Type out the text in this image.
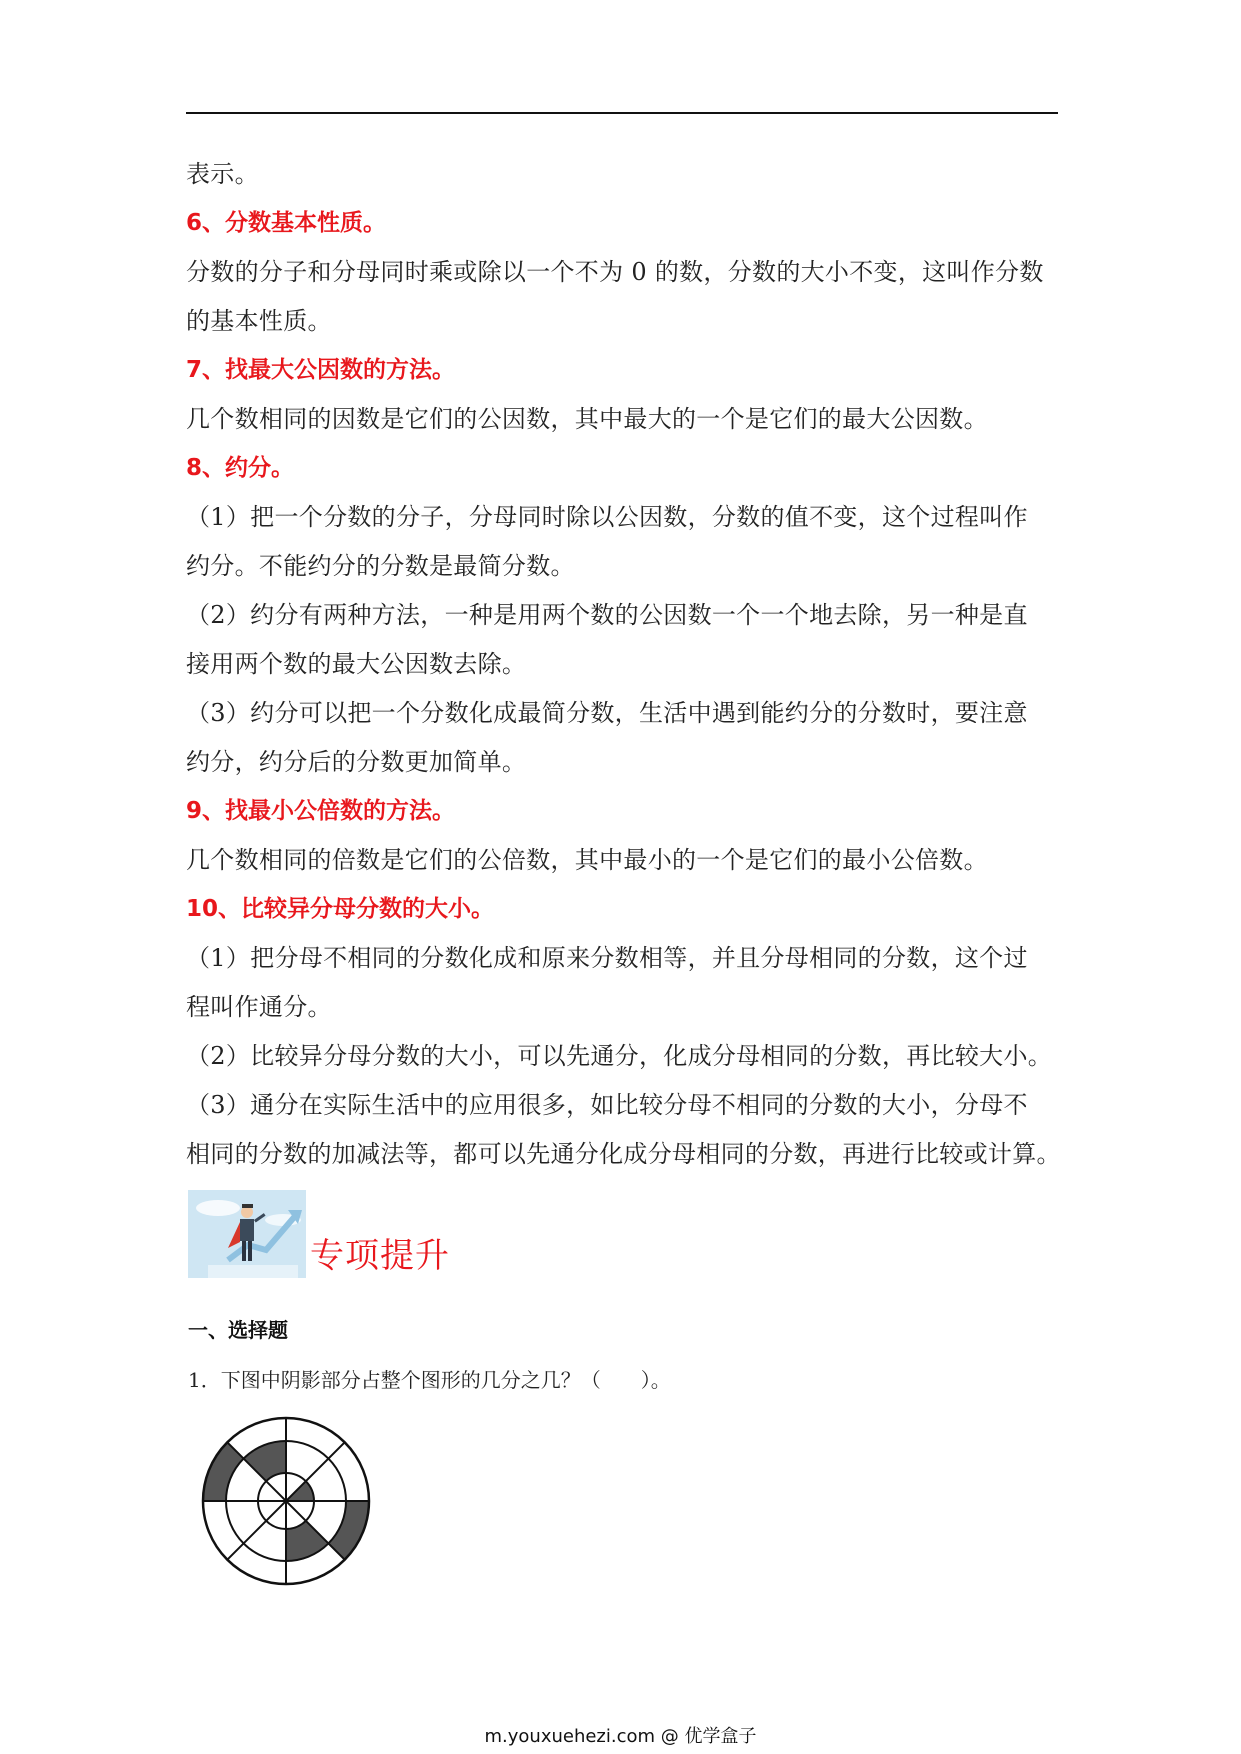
表示。

6、分数基本性质。

分数的分子和分母同时乘或除以一个不为 0 的数，分数的大小不变，这叫作分数

的基本性质。

7、找最大公因数的方法。

几个数相同的因数是它们的公因数，其中最大的一个是它们的最大公因数。

8、约分。

（1）把一个分数的分子，分母同时除以公因数，分数的值不变，这个过程叫作

约分。不能约分的分数是最简分数。

（2）约分有两种方法，一种是用两个数的公因数一个一个地去除，另一种是直

接用两个数的最大公因数去除。

（3）约分可以把一个分数化成最简分数，生活中遇到能约分的分数时，要注意

约分，约分后的分数更加简单。

9、找最小公倍数的方法。

几个数相同的倍数是它们的公倍数，其中最小的一个是它们的最小公倍数。

10、比较异分母分数的大小。

（1）把分母不相同的分数化成和原来分数相等，并且分母相同的分数，这个过

程叫作通分。

（2）比较异分母分数的大小，可以先通分，化成分母相同的分数，再比较大小。

（3）通分在实际生活中的应用很多，如比较分母不相同的分数的大小，分母不

相同的分数的加减法等，都可以先通分化成分母相同的分数，再进行比较或计算。

专项提升
一、选择题
1．下图中阴影部分占整个图形的几分之几？（　　）。
m.youxuehezi.com @ 优学盒子
